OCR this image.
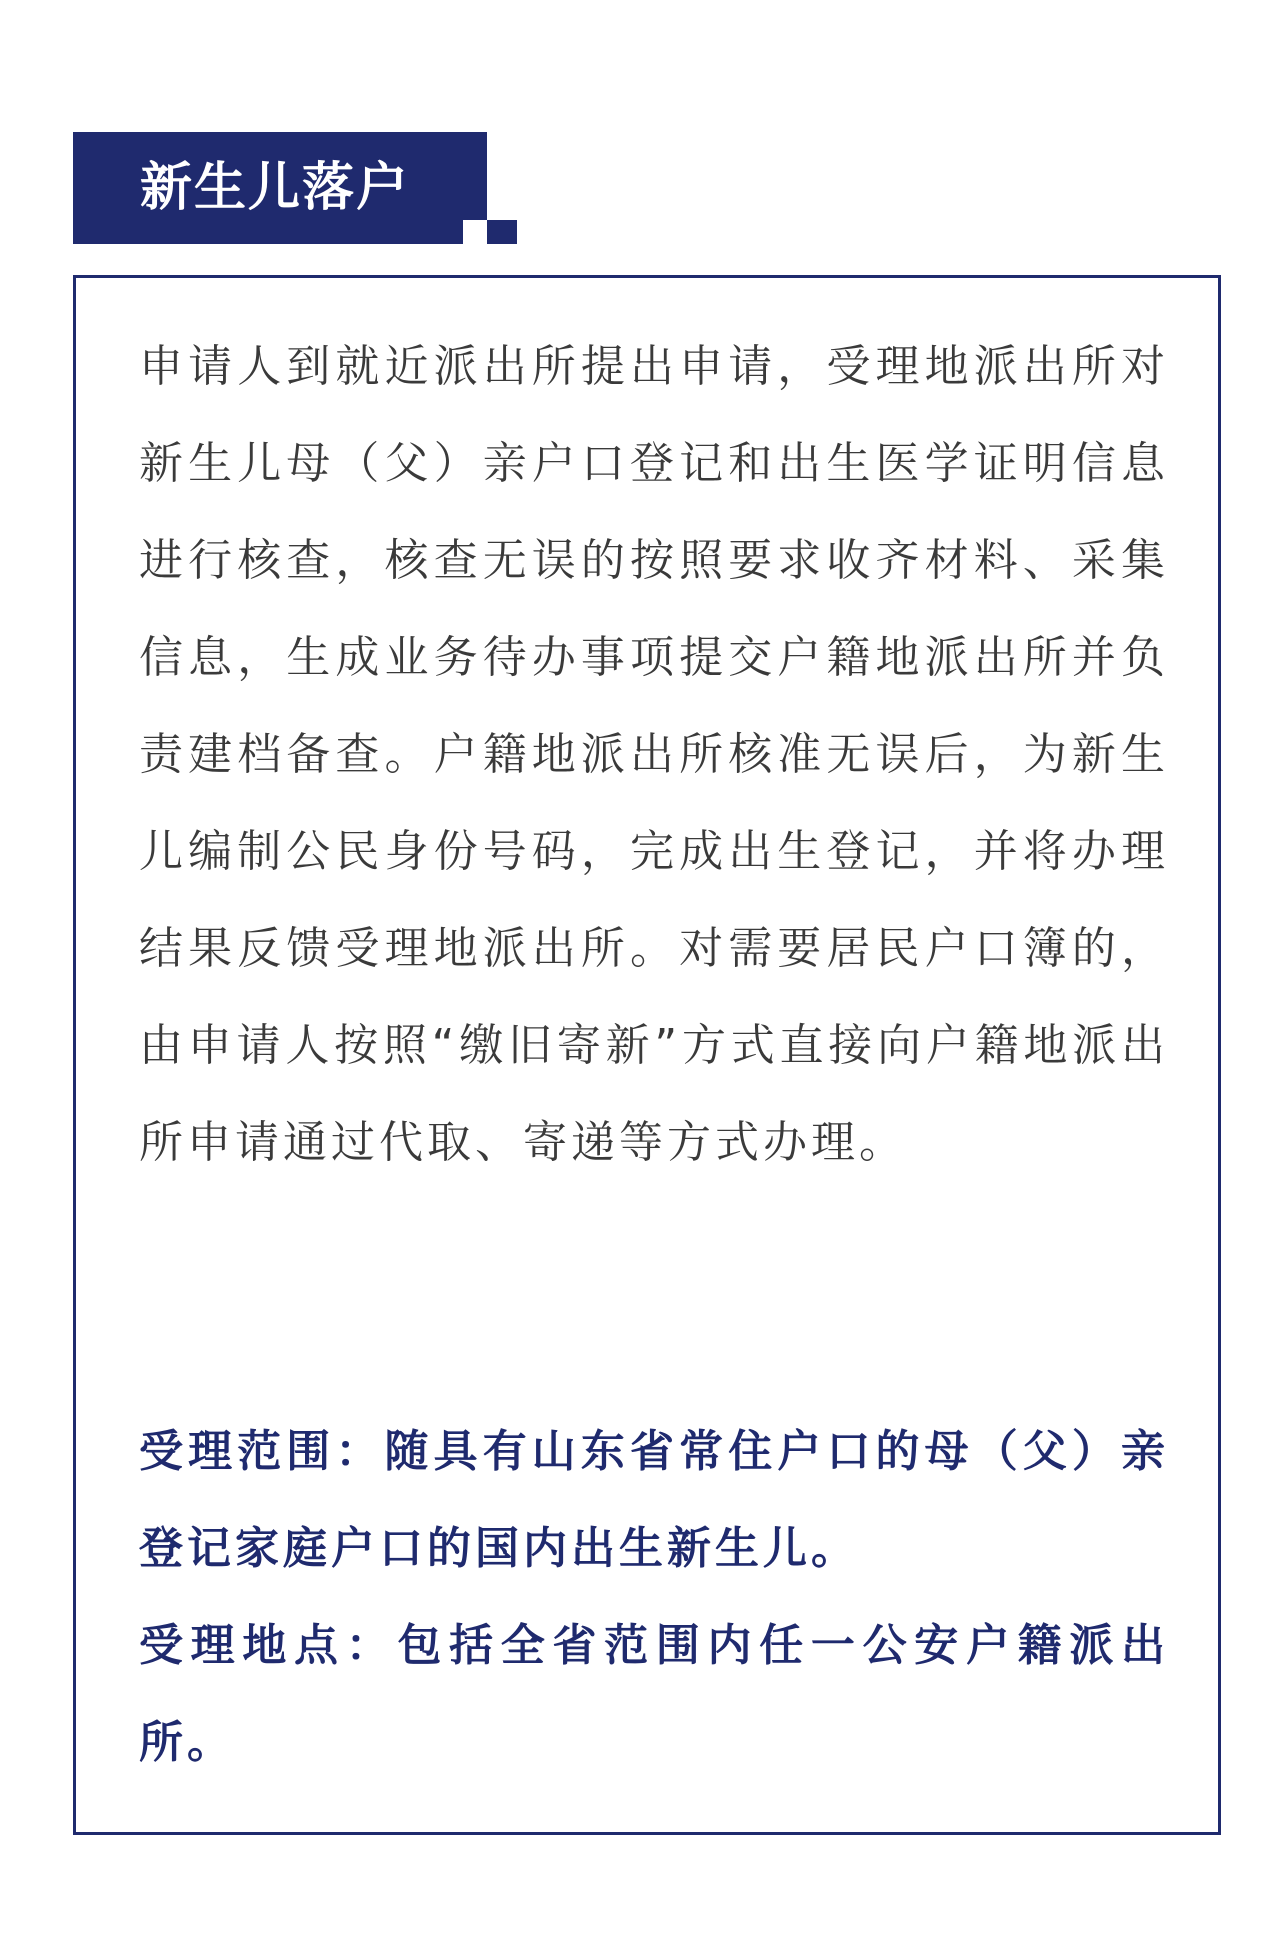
新生儿落户

申请人到就近派出所提出申请，受理地派出所对新生儿母（父）亲户口登记和出生医学证明信息进行核查，核查无误的按照要求收齐材料、采集信息，生成业务待办事项提交户籍地派出所并负责建档备查。户籍地派出所核准无误后，为新生儿编制公民身份号码，完成出生登记，并将办理结果反馈受理地派出所。对需要居民户口簿的，由申请人按照“缴旧寄新”方式直接向户籍地派出所申请通过代取、寄递等方式办理。

受理范围：随具有山东省常住户口的母（父）亲登记家庭户口的国内出生新生儿。

受理地点：包括全省范围内任一公安户籍派出所。
